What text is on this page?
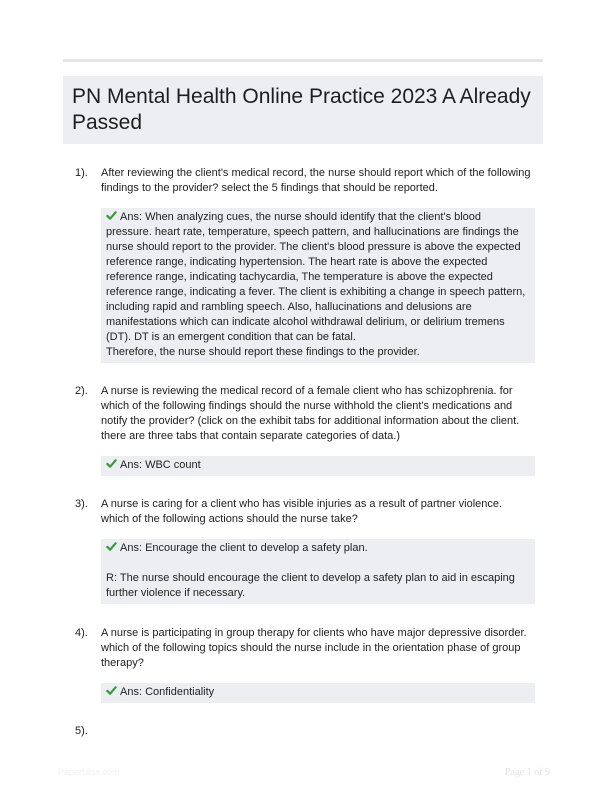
PN Mental Health Online Practice 2023 A Already Passed
1). After reviewing the client's medical record, the nurse should report which of the following findings to the provider? select the 5 findings that should be reported.

Ans: When analyzing cues, the nurse should identify that the client's blood pressure. heart rate, temperature, speech pattern, and hallucinations are findings the nurse should report to the provider. The client's blood pressure is above the expected reference range, indicating hypertension. The heart rate is above the expected reference range, indicating tachycardia, The temperature is above the expected reference range, indicating a fever. The client is exhibiting a change in speech pattern, including rapid and rambling speech. Also, hallucinations and delusions are manifestations which can indicate alcohol withdrawal delirium, or delirium tremens (DT). DT is an emergent condition that can be fatal.
Therefore, the nurse should report these findings to the provider.
2). A nurse is reviewing the medical record of a female client who has schizophrenia. for which of the following findings should the nurse withhold the client's medications and notify the provider? (click on the exhibit tabs for additional information about the client. there are three tabs that contain separate categories of data.)

Ans: WBC count
3). A nurse is caring for a client who has visible injuries as a result of partner violence. which of the following actions should the nurse take?

Ans: Encourage the client to develop a safety plan.
R: The nurse should encourage the client to develop a safety plan to aid in escaping further violence if necessary.
4). A nurse is participating in group therapy for clients who have major depressive disorder. which of the following topics should the nurse include in the orientation phase of group therapy?

Ans: Confidentiality
5).
Paperbliss.com	Page 1 of 9
